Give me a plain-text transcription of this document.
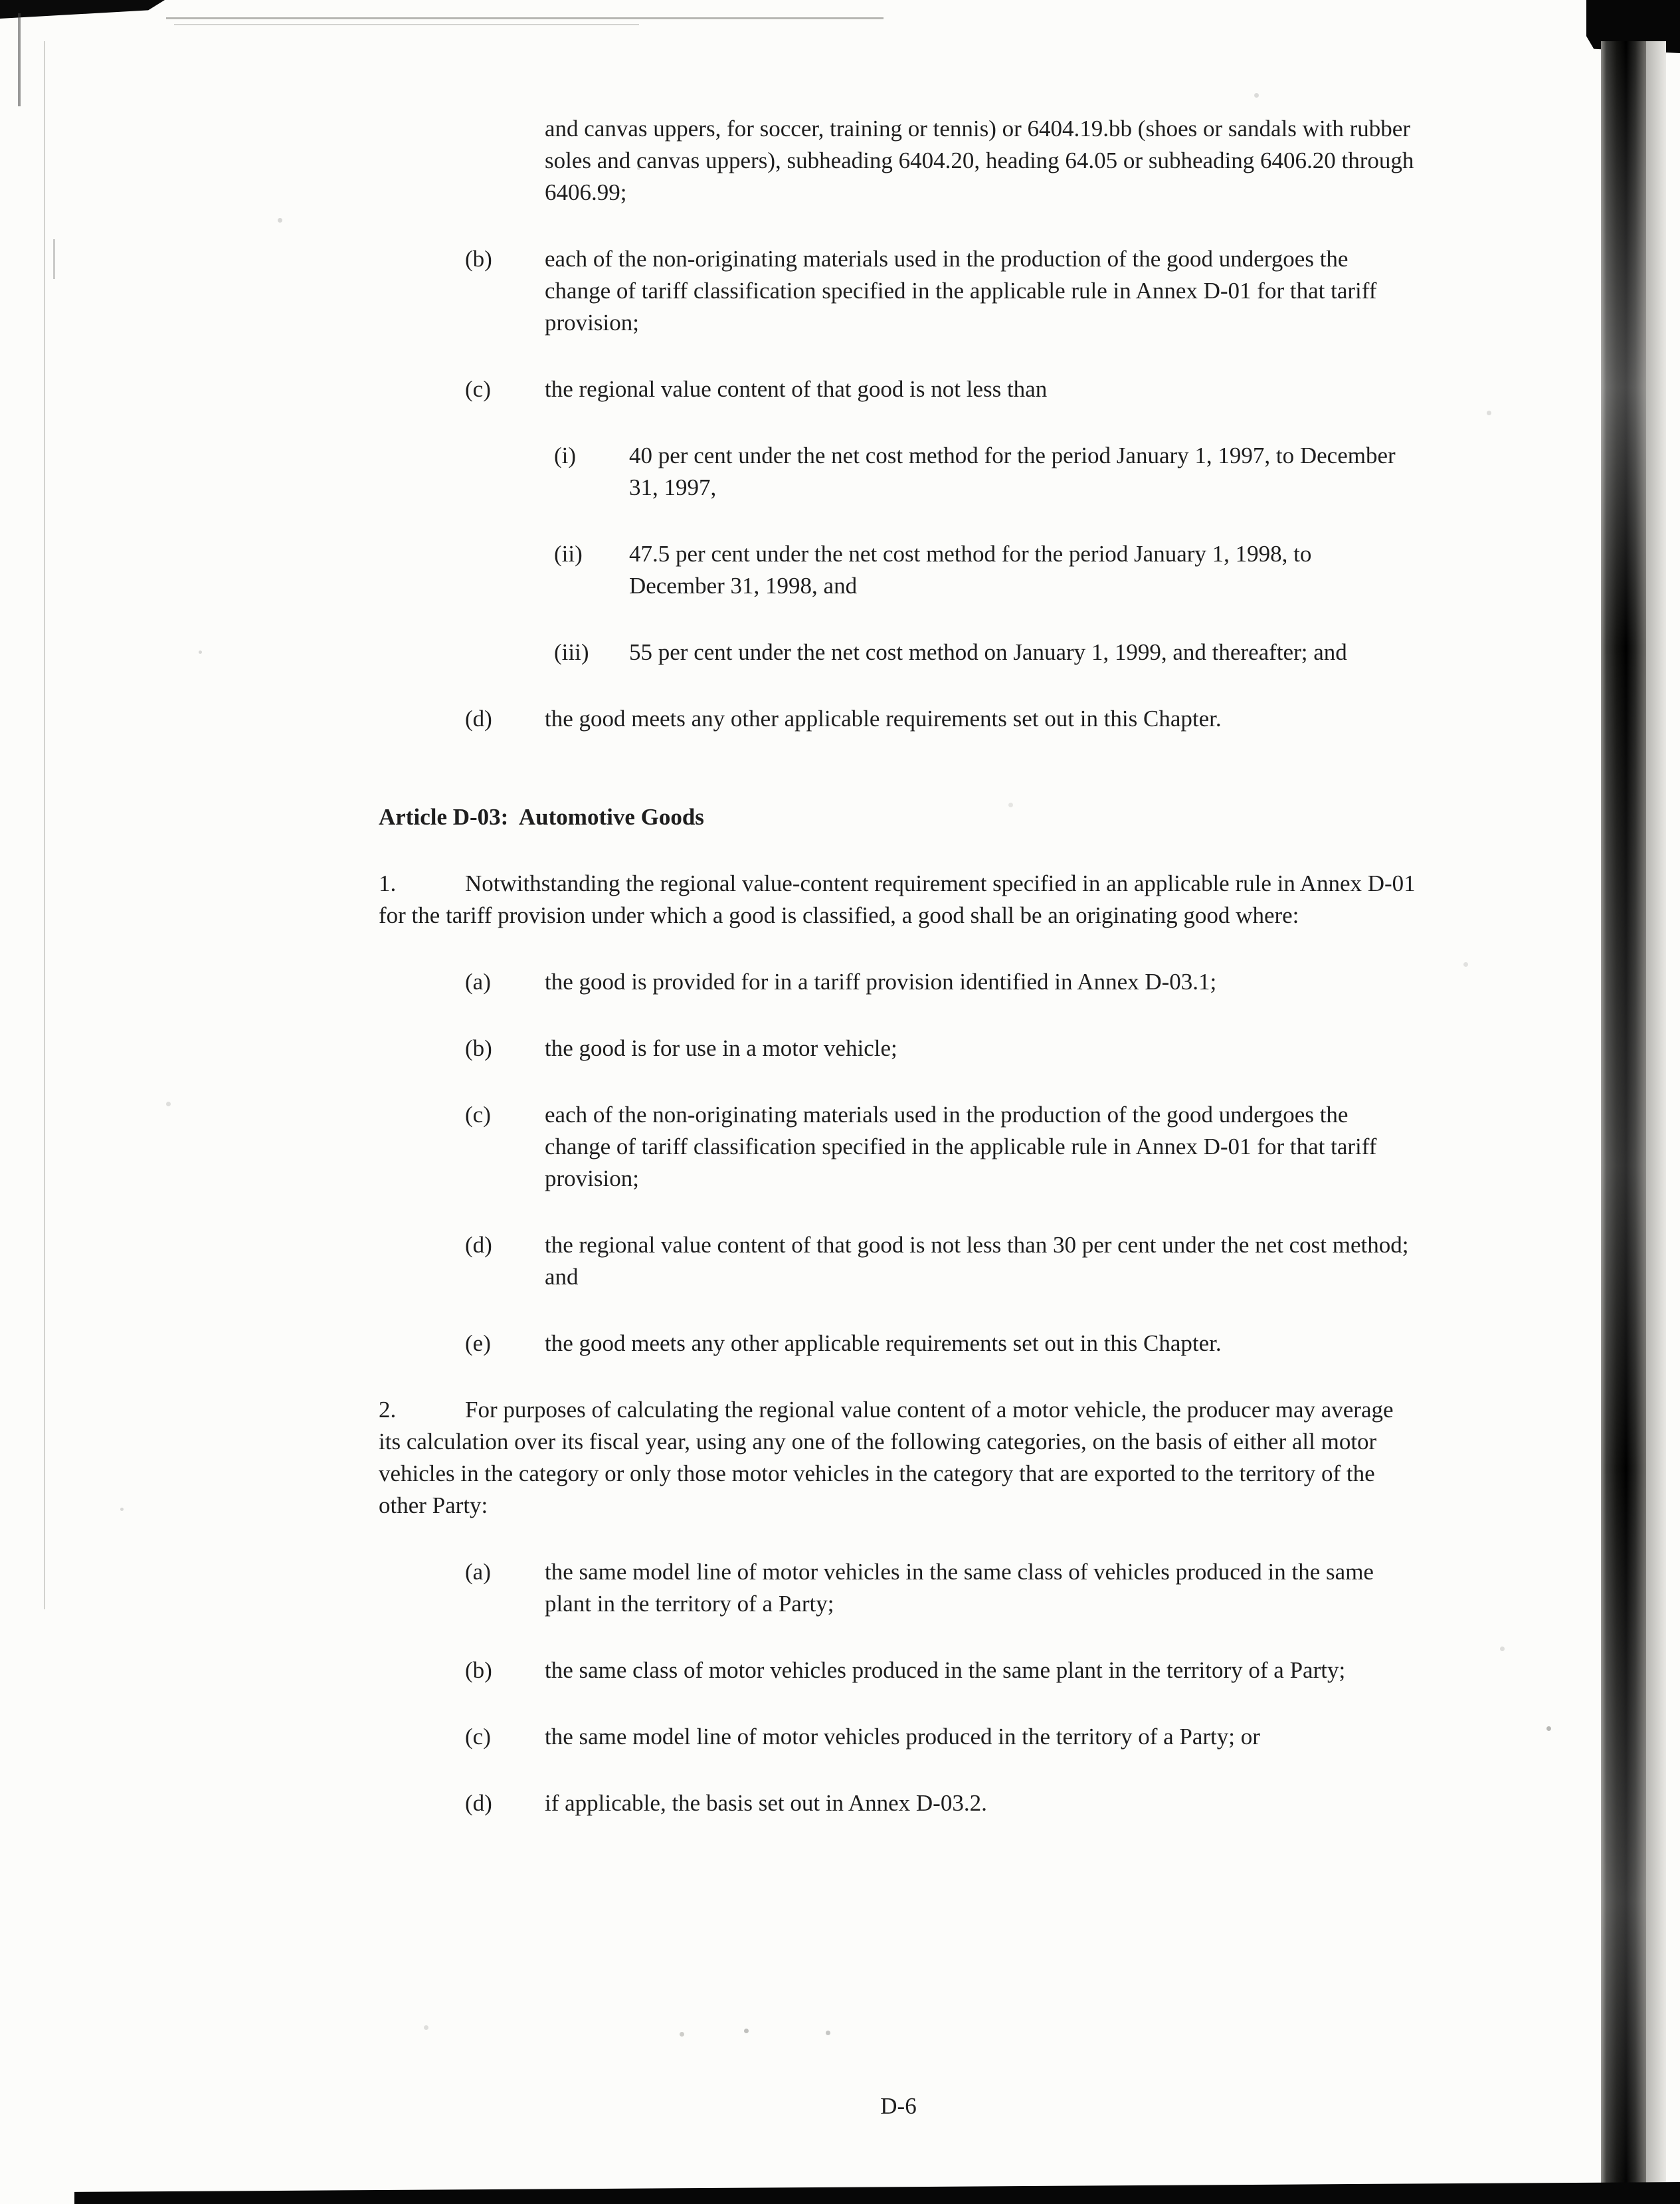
and canvas uppers, for soccer, training or tennis) or 6404.19.bb (shoes or sandals with rubber soles and canvas uppers), subheading 6404.20, heading 64.05 or subheading 6406.20 through 6406.99;
(b)	each of the non-originating materials used in the production of the good undergoes the change of tariff classification specified in the applicable rule in Annex D-01 for that tariff provision;
(c)	the regional value content of that good is not less than
(i)	40 per cent under the net cost method for the period January 1, 1997, to December 31, 1997,
(ii)	47.5 per cent under the net cost method for the period January 1, 1998, to December 31, 1998, and
(iii)	55 per cent under the net cost method on January 1, 1999, and thereafter; and
(d)	the good meets any other applicable requirements set out in this Chapter.
Article D-03:  Automotive Goods

1.	Notwithstanding the regional value-content requirement specified in an applicable rule in Annex D-01 for the tariff provision under which a good is classified, a good shall be an originating good where:

(a)	the good is provided for in a tariff provision identified in Annex D-03.1;
(b)	the good is for use in a motor vehicle;
(c)	each of the non-originating materials used in the production of the good undergoes the change of tariff classification specified in the applicable rule in Annex D-01 for that tariff provision;
(d)	the regional value content of that good is not less than 30 per cent under the net cost method; and
(e)	the good meets any other applicable requirements set out in this Chapter.

2.	For purposes of calculating the regional value content of a motor vehicle, the producer may average its calculation over its fiscal year, using any one of the following categories, on the basis of either all motor vehicles in the category or only those motor vehicles in the category that are exported to the territory of the other Party:

(a)	the same model line of motor vehicles in the same class of vehicles produced in the same plant in the territory of a Party;
(b)	the same class of motor vehicles produced in the same plant in the territory of a Party;
(c)	the same model line of motor vehicles produced in the territory of a Party; or
(d)	if applicable, the basis set out in Annex D-03.2.
D-6
